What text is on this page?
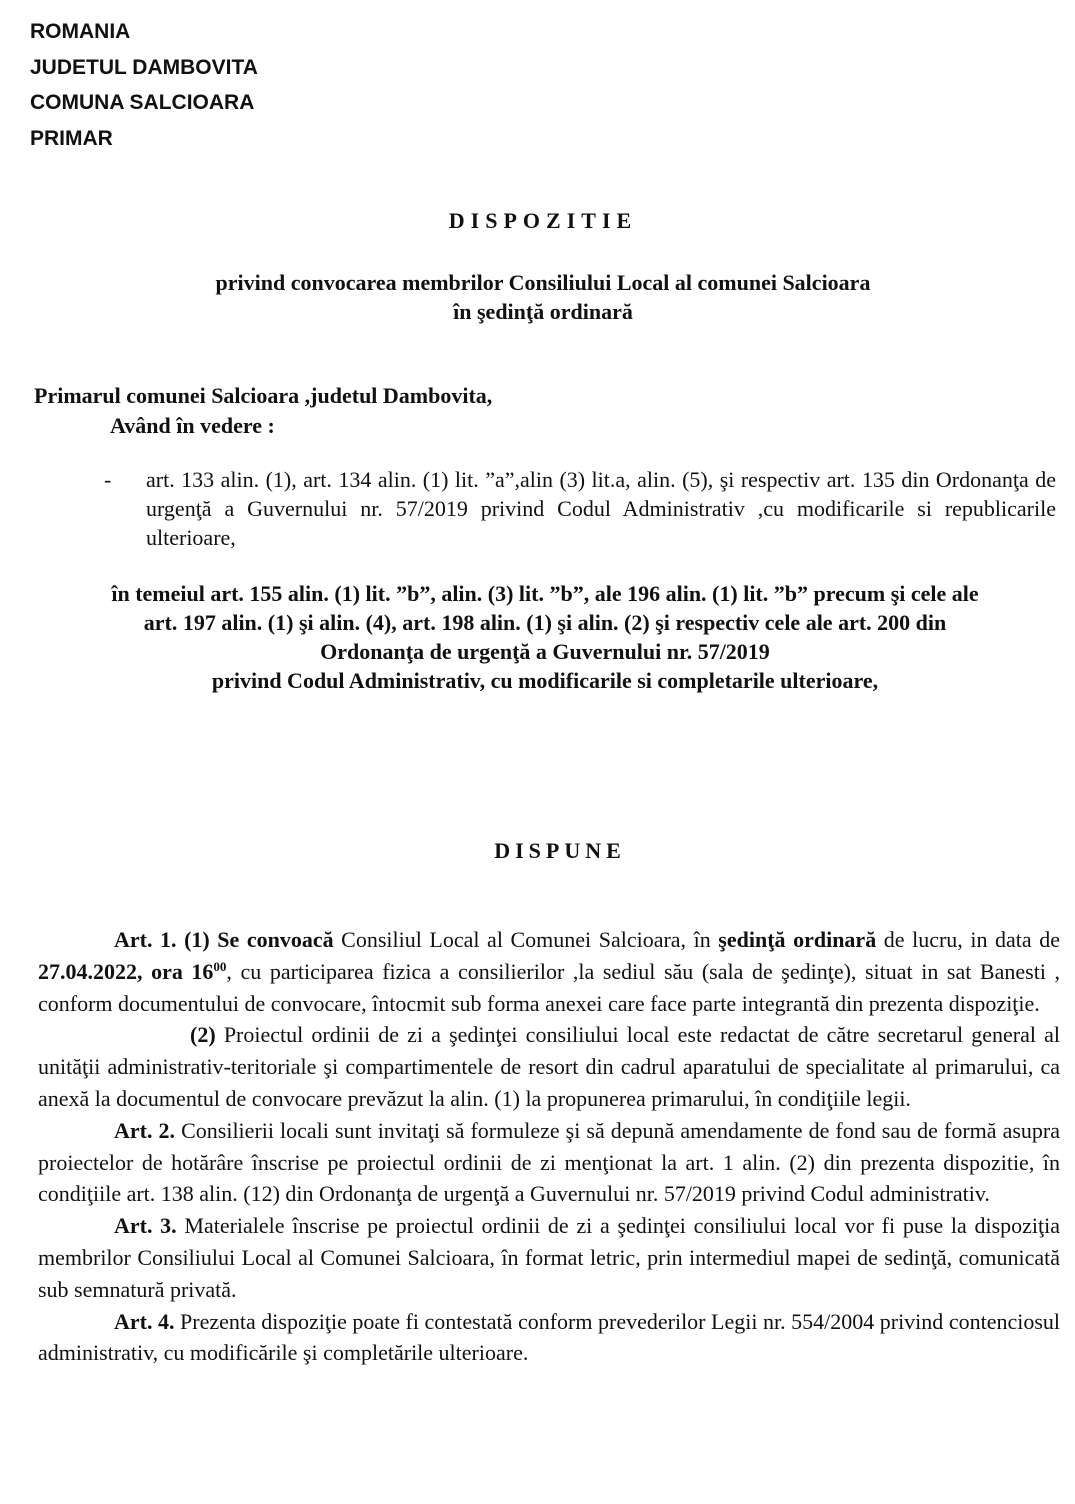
ROMANIA
JUDETUL DAMBOVITA
COMUNA SALCIOARA
PRIMAR
DISPOZITIE
privind convocarea membrilor Consiliului Local al comunei Salcioara
în şedinţă ordinară
Primarul comunei Salcioara ,judetul Dambovita,
Având în vedere :
- art. 133 alin. (1), art. 134 alin. (1) lit. ”a”,alin (3) lit.a, alin. (5), şi respectiv art. 135 din Ordonanţa de urgenţă a Guvernului nr. 57/2019 privind Codul Administrativ ,cu modificarile si republicarile ulterioare,
în temeiul art. 155 alin. (1) lit. ”b”, alin. (3) lit. ”b”, ale 196 alin. (1) lit. ”b” precum şi cele ale
art. 197 alin. (1) şi alin. (4), art. 198 alin. (1) şi alin. (2) şi respectiv cele ale art. 200 din
Ordonanţa de urgenţă a Guvernului nr. 57/2019
privind Codul Administrativ, cu modificarile si completarile ulterioare,
DISPUNE

Art. 1. (1) Se convoacă Consiliul Local al Comunei Salcioara, în şedinţă ordinară de lucru, in data de 27.04.2022, ora $16^{00}$, cu participarea fizica a consilierilor ,la sediul său (sala de şedinţe), situat in sat Banesti , conform documentului de convocare, întocmit sub forma anexei care face parte integrantă din prezenta dispoziţie.

(2) Proiectul ordinii de zi a şedinţei consiliului local este redactat de către secretarul general al unităţii administrativ-teritoriale şi compartimentele de resort din cadrul aparatului de specialitate al primarului, ca anexă la documentul de convocare prevăzut la alin. (1) la propunerea primarului, în condiţiile legii.

Art. 2. Consilierii locali sunt invitaţi să formuleze şi să depună amendamente de fond sau de formă asupra proiectelor de hotărâre înscrise pe proiectul ordinii de zi menţionat la art. 1 alin. (2) din prezenta dispozitie, în condiţiile art. 138 alin. (12) din Ordonanţa de urgenţă a Guvernului nr. 57/2019 privind Codul administrativ.

Art. 3. Materialele înscrise pe proiectul ordinii de zi a şedinţei consiliului local vor fi puse la dispoziţia membrilor Consiliului Local al Comunei Salcioara, în format letric, prin intermediul mapei de sedinţă, comunicată sub semnatură privată.

Art. 4. Prezenta dispoziţie poate fi contestată conform prevederilor Legii nr. 554/2004 privind contenciosul administrativ, cu modificările şi completările ulterioare.
